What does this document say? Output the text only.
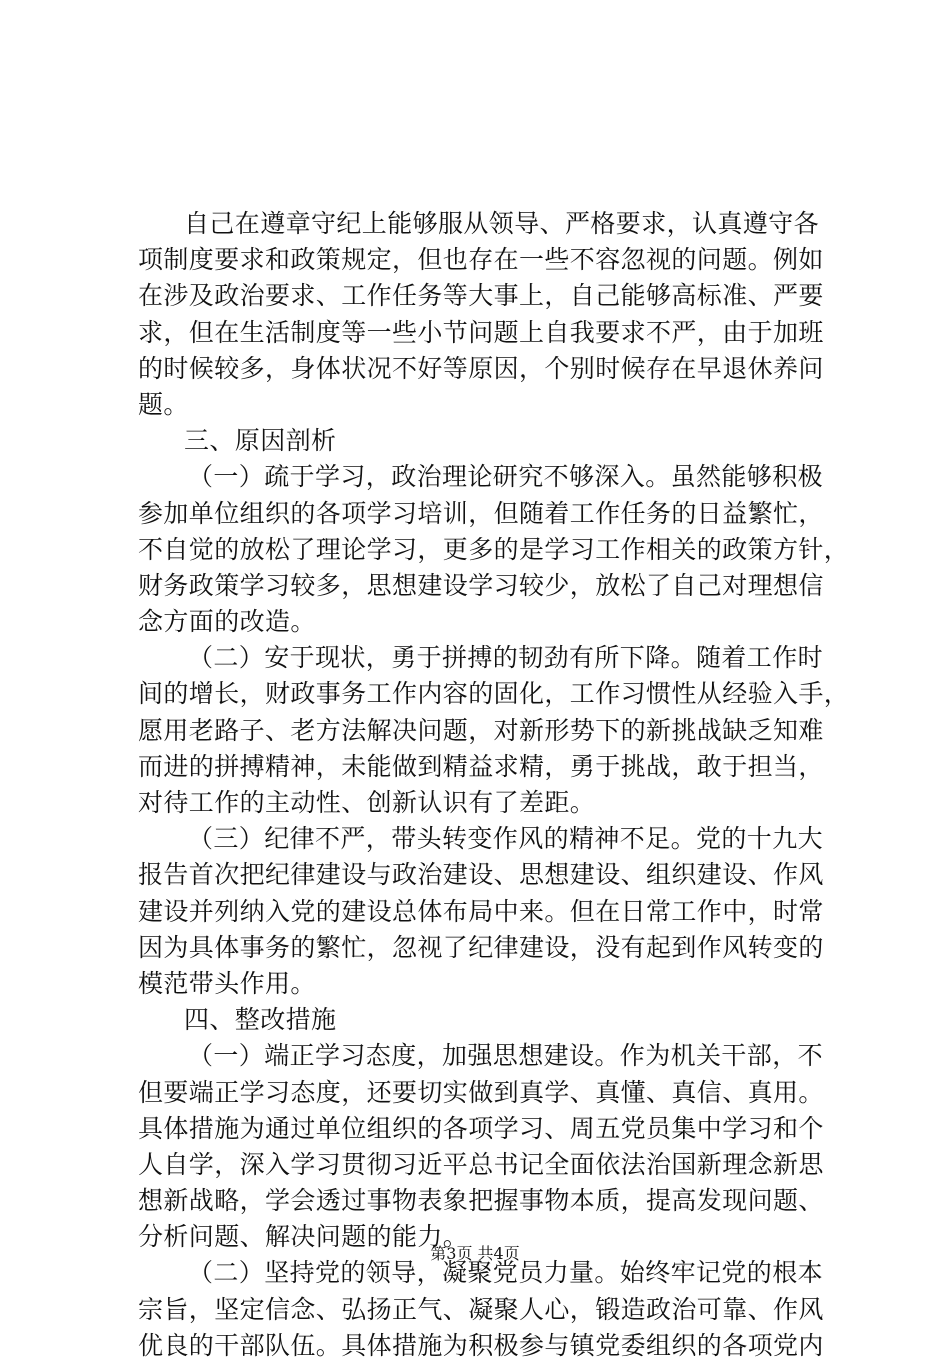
自己在遵章守纪上能够服从领导、严格要求，认真遵守各
项制度要求和政策规定，但也存在一些不容忽视的问题。例如
在涉及政治要求、工作任务等大事上，自己能够高标准、严要
求，但在生活制度等一些小节问题上自我要求不严，由于加班
的时候较多，身体状况不好等原因，个别时候存在早退休养问
题。
三、原因剖析
（一）疏于学习，政治理论研究不够深入。虽然能够积极
参加单位组织的各项学习培训，但随着工作任务的日益繁忙，
不自觉的放松了理论学习，更多的是学习工作相关的政策方针，
财务政策学习较多，思想建设学习较少，放松了自己对理想信
念方面的改造。
（二）安于现状，勇于拼搏的韧劲有所下降。随着工作时
间的增长，财政事务工作内容的固化，工作习惯性从经验入手，
愿用老路子、老方法解决问题，对新形势下的新挑战缺乏知难
而进的拼搏精神，未能做到精益求精，勇于挑战，敢于担当，
对待工作的主动性、创新认识有了差距。
（三）纪律不严，带头转变作风的精神不足。党的十九大
报告首次把纪律建设与政治建设、思想建设、组织建设、作风
建设并列纳入党的建设总体布局中来。但在日常工作中，时常
因为具体事务的繁忙，忽视了纪律建设，没有起到作风转变的
模范带头作用。
四、整改措施
（一）端正学习态度，加强思想建设。作为机关干部，不
但要端正学习态度，还要切实做到真学、真懂、真信、真用。
具体措施为通过单位组织的各项学习、周五党员集中学习和个
人自学，深入学习贯彻习近平总书记全面依法治国新理念新思
想新战略，学会透过事物表象把握事物本质，提高发现问题、
分析问题、解决问题的能力。
（二）坚持党的领导，凝聚党员力量。始终牢记党的根本
宗旨，坚定信念、弘扬正气、凝聚人心，锻造政治可靠、作风
优良的干部队伍。具体措施为积极参与镇党委组织的各项党内
第3页 共4页
